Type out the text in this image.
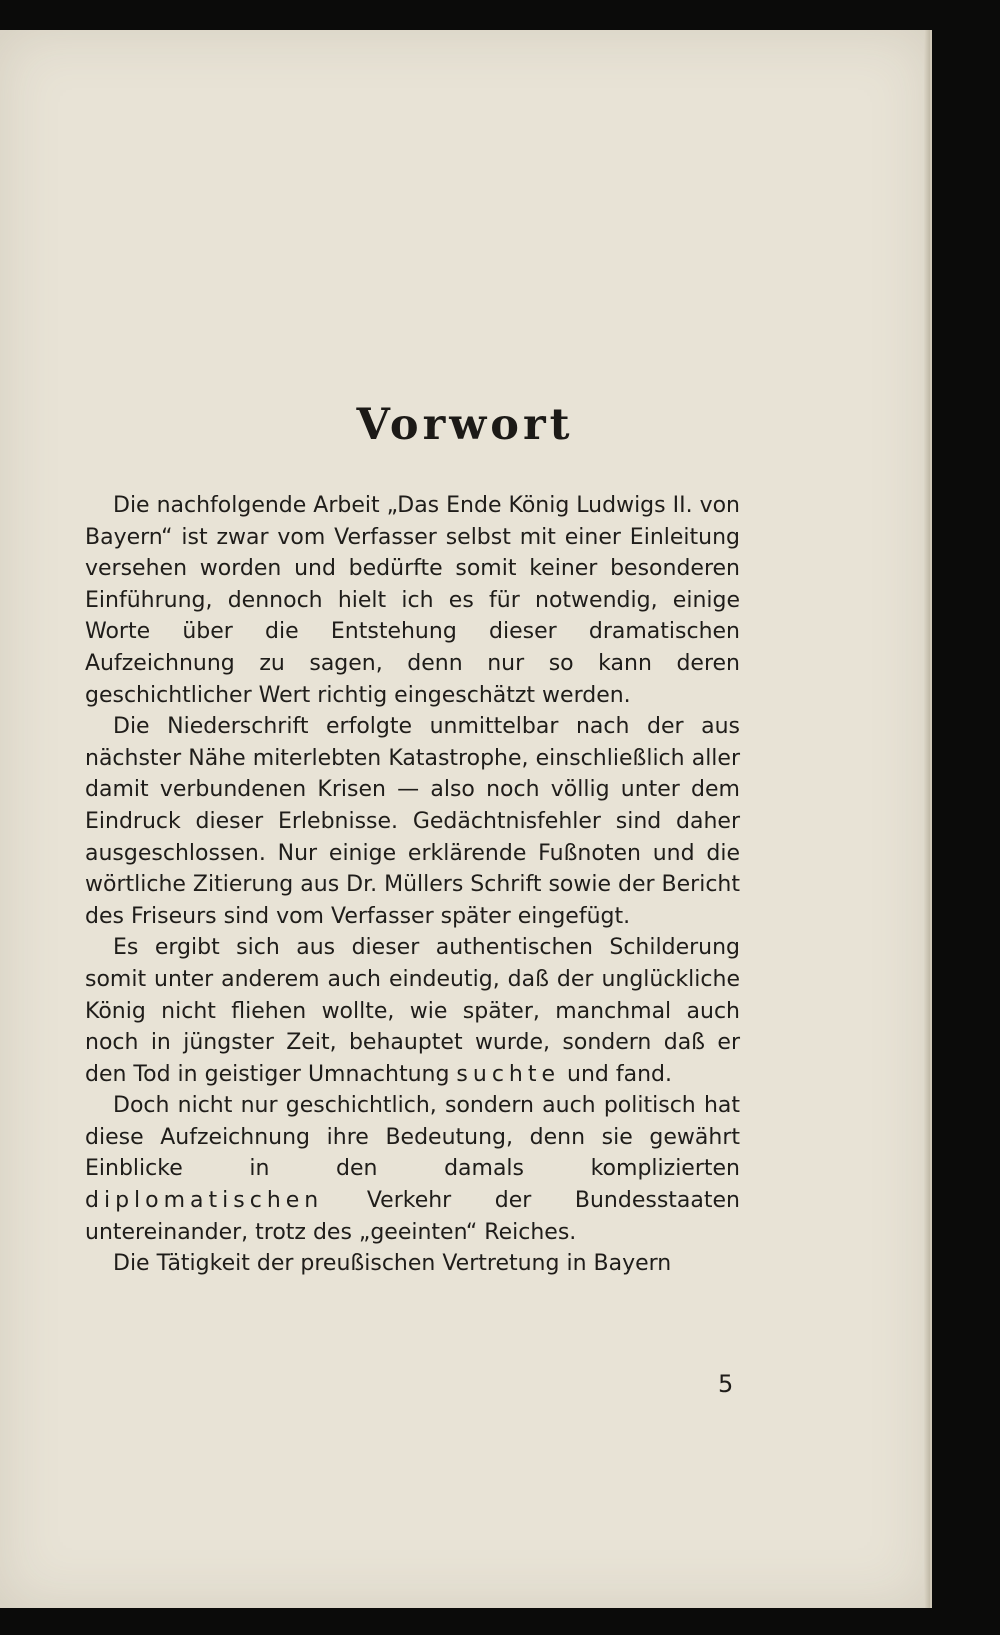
Vorwort

Die nachfolgende Arbeit „Das Ende König Ludwigs II. von Bayern“ ist zwar vom Verfasser selbst mit einer Einleitung versehen worden und bedürfte somit keiner besonderen Einführung, dennoch hielt ich es für notwendig, einige Worte über die Entstehung dieser dramatischen Aufzeichnung zu sagen, denn nur so kann deren geschichtlicher Wert richtig eingeschätzt werden.

Die Niederschrift erfolgte unmittelbar nach der aus nächster Nähe miterlebten Katastrophe, einschließlich aller damit verbundenen Krisen — also noch völlig unter dem Eindruck dieser Erlebnisse. Gedächtnisfehler sind daher ausgeschlossen. Nur einige erklärende Fußnoten und die wörtliche Zitierung aus Dr. Müllers Schrift sowie der Bericht des Friseurs sind vom Verfasser später eingefügt.

Es ergibt sich aus dieser authentischen Schilderung somit unter anderem auch eindeutig, daß der unglückliche König nicht fliehen wollte, wie später, manchmal auch noch in jüngster Zeit, behauptet wurde, sondern daß er den Tod in geistiger Umnachtung suchte und fand.

Doch nicht nur geschichtlich, sondern auch politisch hat diese Aufzeichnung ihre Bedeutung, denn sie gewährt Einblicke in den damals komplizierten diplomatischen Verkehr der Bundesstaaten untereinander, trotz des „geeinten“ Reiches.

Die Tätigkeit der preußischen Vertretung in Bayern

5
